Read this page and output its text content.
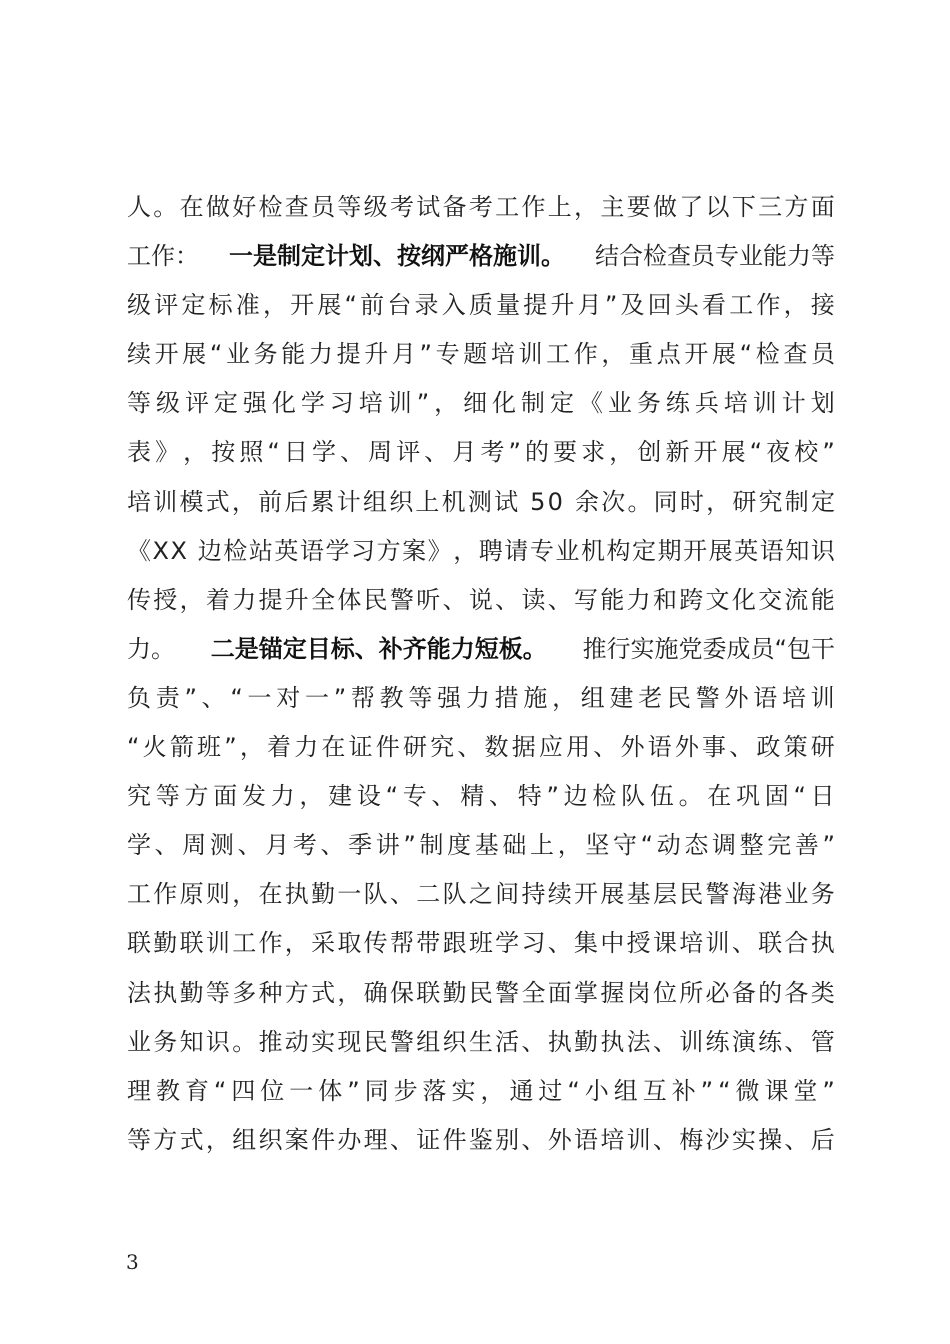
人 。 在 做 好 检 查 员 等 级 考 试 备 考 工 作 上 ， 主 要 做 了 以 下 三 方 面
工作： 一是制定计划、按纲严格施训。 结合检查员专业能力等
级 评 定 标 准 ， 开 展 “ 前 台 录 入 质 量 提 升 月 ” 及 回 头 看 工 作 ， 接
续 开 展 “ 业 务 能 力 提 升 月 ” 专 题 培 训 工 作 ， 重 点 开 展 “ 检 查 员
等 级 评 定 强 化 学 习 培 训 ” ， 细 化 制 定 《 业 务 练 兵 培 训 计 划
表 》 ， 按 照 “ 日 学 、 周 评 、 月 考 ” 的 要 求 ， 创 新 开 展 “ 夜 校 ”
培 训 模 式 ， 前 后 累 计 组 织 上 机 测 试
5 0
余 次 。 同 时 ， 研 究 制 定
《 X X
边 检 站 英 语 学 习 方 案 》 ， 聘 请 专 业 机 构 定 期 开 展 英 语 知 识
传 授 ， 着 力 提 升 全 体 民 警 听 、 说 、 读 、 写 能 力 和 跨 文 化 交 流 能
力。 二是锚定目标、补齐能力短板。 推行实施党委成员“包干
负 责 ” 、 “ 一 对 一 ” 帮 教 等 强 力 措 施 ， 组 建 老 民 警 外 语 培 训
“ 火 箭 班 ” ， 着 力 在 证 件 研 究 、 数 据 应 用 、 外 语 外 事 、 政 策 研
究 等 方 面 发 力 ， 建 设 “ 专 、 精 、 特 ” 边 检 队 伍 。 在 巩 固 “ 日
学 、 周 测 、 月 考 、 季 讲 ” 制 度 基 础 上 ， 坚 守 “ 动 态 调 整 完 善 ”
工 作 原 则 ， 在 执 勤 一 队 、 二 队 之 间 持 续 开 展 基 层 民 警 海 港 业 务
联 勤 联 训 工 作 ， 采 取 传 帮 带 跟 班 学 习 、 集 中 授 课 培 训 、 联 合 执
法 执 勤 等 多 种 方 式 ， 确 保 联 勤 民 警 全 面 掌 握 岗 位 所 必 备 的 各 类
业 务 知 识 。 推 动 实 现 民 警 组 织 生 活 、 执 勤 执 法 、 训 练 演 练 、 管
理 教 育 “ 四 位 一 体 ” 同 步 落 实 ， 通 过 “ 小 组 互 补 ” “ 微 课 堂 ”
等 方 式 ， 组 织 案 件 办 理 、 证 件 鉴 别 、 外 语 培 训 、 梅 沙 实 操 、 后
3
